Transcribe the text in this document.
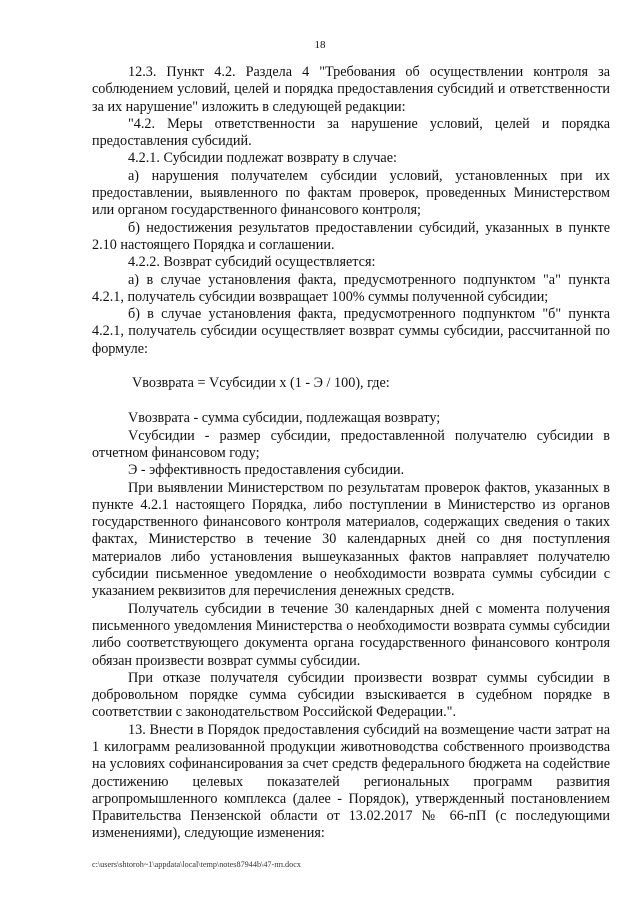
18

12.3. Пункт 4.2. Раздела 4 "Требования об осуществлении контроля за соблюдением условий, целей и порядка предоставления субсидий и ответственности за их нарушение" изложить в следующей редакции:

"4.2. Меры ответственности за нарушение условий, целей и порядка предоставления субсидий.

4.2.1. Субсидии подлежат возврату в случае:

а) нарушения получателем субсидии условий, установленных при их предоставлении, выявленного по фактам проверок, проведенных Министерством или органом государственного финансового контроля;

б) недостижения результатов предоставлении субсидий, указанных в пункте 2.10 настоящего Порядка и соглашении.

4.2.2. Возврат субсидий осуществляется:

а) в случае установления факта, предусмотренного подпунктом "а" пункта 4.2.1, получатель субсидии возвращает 100% суммы полученной субсидии;

б) в случае установления факта, предусмотренного подпунктом "б" пункта 4.2.1, получатель субсидии осуществляет возврат суммы субсидии, рассчитанной по формуле:

Vвозврата = Vсубсидии x (1 - Э / 100), где:

Vвозврата - сумма субсидии, подлежащая возврату;

Vсубсидии - размер субсидии, предоставленной получателю субсидии в отчетном финансовом году;

Э - эффективность предоставления субсидии.

При выявлении Министерством по результатам проверок фактов, указанных в пункте 4.2.1 настоящего Порядка, либо поступлении в Министерство из органов государственного финансового контроля материалов, содержащих сведения о таких фактах, Министерство в течение 30 календарных дней со дня поступления материалов либо установления вышеуказанных фактов направляет получателю субсидии письменное уведомление о необходимости возврата суммы субсидии с указанием реквизитов для перечисления денежных средств.

Получатель субсидии в течение 30 календарных дней с момента получения письменного уведомления Министерства о необходимости возврата суммы субсидии либо соответствующего документа органа государственного финансового контроля обязан произвести возврат суммы субсидии.

При отказе получателя субсидии произвести возврат суммы субсидии в добровольном порядке сумма субсидии взыскивается в судебном порядке в соответствии с законодательством Российской Федерации.".

13. Внести в Порядок предоставления субсидий на возмещение части затрат на 1 килограмм реализованной продукции животноводства собственного производства на условиях софинансирования за счет средств федерального бюджета на содействие достижению целевых показателей региональных программ развития агропромышленного комплекса (далее - Порядок), утвержденный постановлением Правительства Пензенской области от 13.02.2017 № 66-пП (с последующими изменениями), следующие изменения:

c:\users\shtoroh~1\appdata\local\temp\notes87944b\47-пп.docx
